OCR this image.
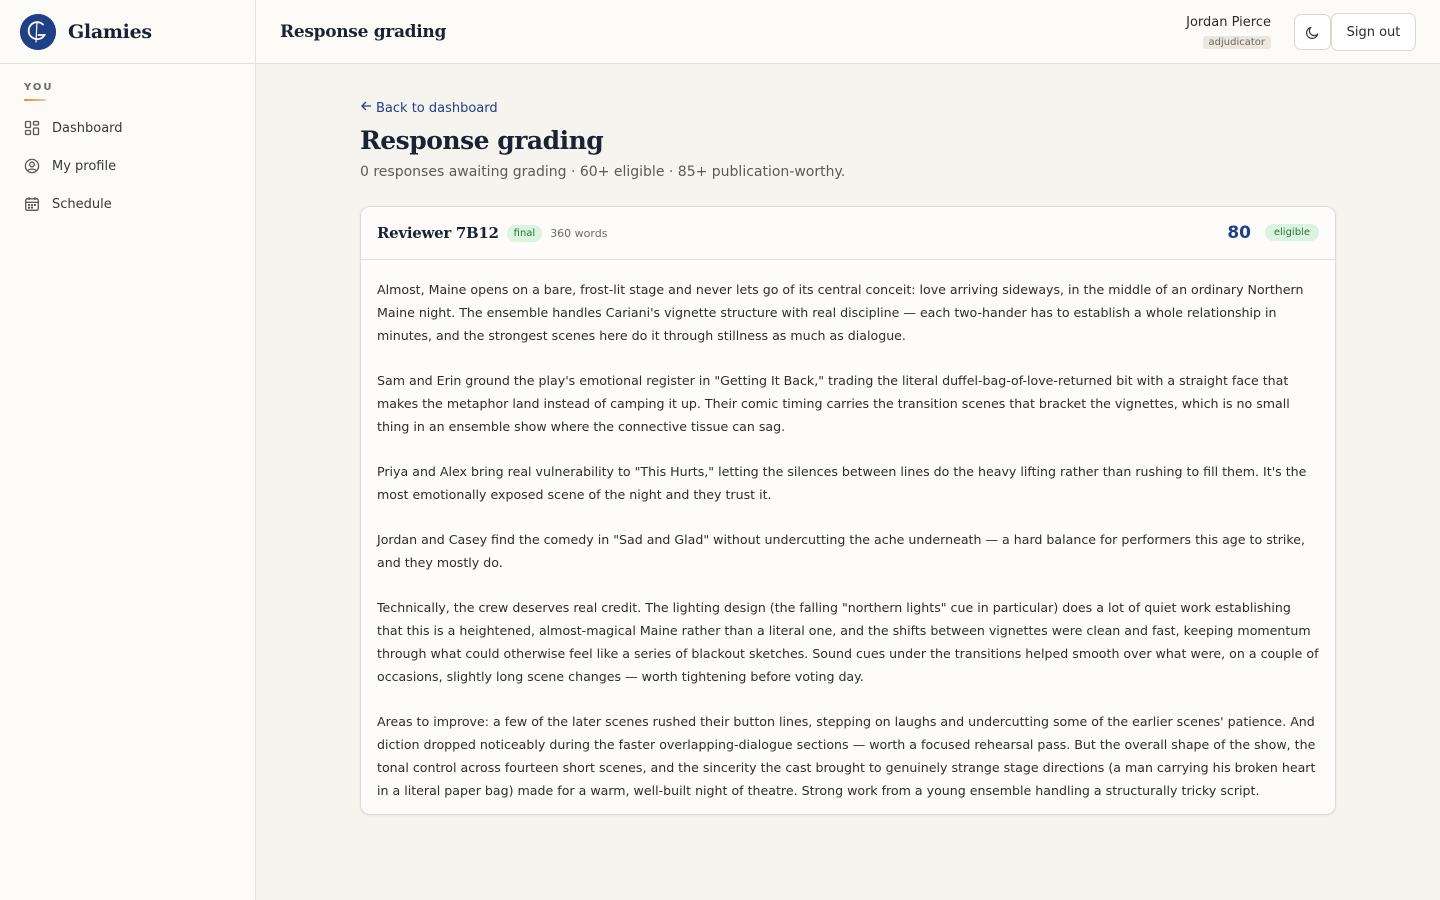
Glamies
YOU
Dashboard
My profile
Schedule
Response grading	Jordan Pierce
adjudicator
Sign out
Back to dashboard
Response grading
0 responses awaiting grading · 60+ eligible · 85+ publication-worthy.
Reviewer 7B12	final	360 words	80	eligible

Almost, Maine opens on a bare, frost-lit stage and never lets go of its central conceit: love arriving sideways, in the middle of an ordinary Northern Maine night. The ensemble handles Cariani's vignette structure with real discipline — each two-hander has to establish a whole relationship in minutes, and the strongest scenes here do it through stillness as much as dialogue.

Sam and Erin ground the play's emotional register in "Getting It Back," trading the literal duffel-bag-of-love-returned bit with a straight face that makes the metaphor land instead of camping it up. Their comic timing carries the transition scenes that bracket the vignettes, which is no small thing in an ensemble show where the connective tissue can sag.

Priya and Alex bring real vulnerability to "This Hurts," letting the silences between lines do the heavy lifting rather than rushing to fill them. It's the most emotionally exposed scene of the night and they trust it.

Jordan and Casey find the comedy in "Sad and Glad" without undercutting the ache underneath — a hard balance for performers this age to strike, and they mostly do.

Technically, the crew deserves real credit. The lighting design (the falling "northern lights" cue in particular) does a lot of quiet work establishing that this is a heightened, almost-magical Maine rather than a literal one, and the shifts between vignettes were clean and fast, keeping momentum through what could otherwise feel like a series of blackout sketches. Sound cues under the transitions helped smooth over what were, on a couple of occasions, slightly long scene changes — worth tightening before voting day.

Areas to improve: a few of the later scenes rushed their button lines, stepping on laughs and undercutting some of the earlier scenes' patience. And diction dropped noticeably during the faster overlapping-dialogue sections — worth a focused rehearsal pass. But the overall shape of the show, the tonal control across fourteen short scenes, and the sincerity the cast brought to genuinely strange stage directions (a man carrying his broken heart in a literal paper bag) made for a warm, well-built night of theatre. Strong work from a young ensemble handling a structurally tricky script.
